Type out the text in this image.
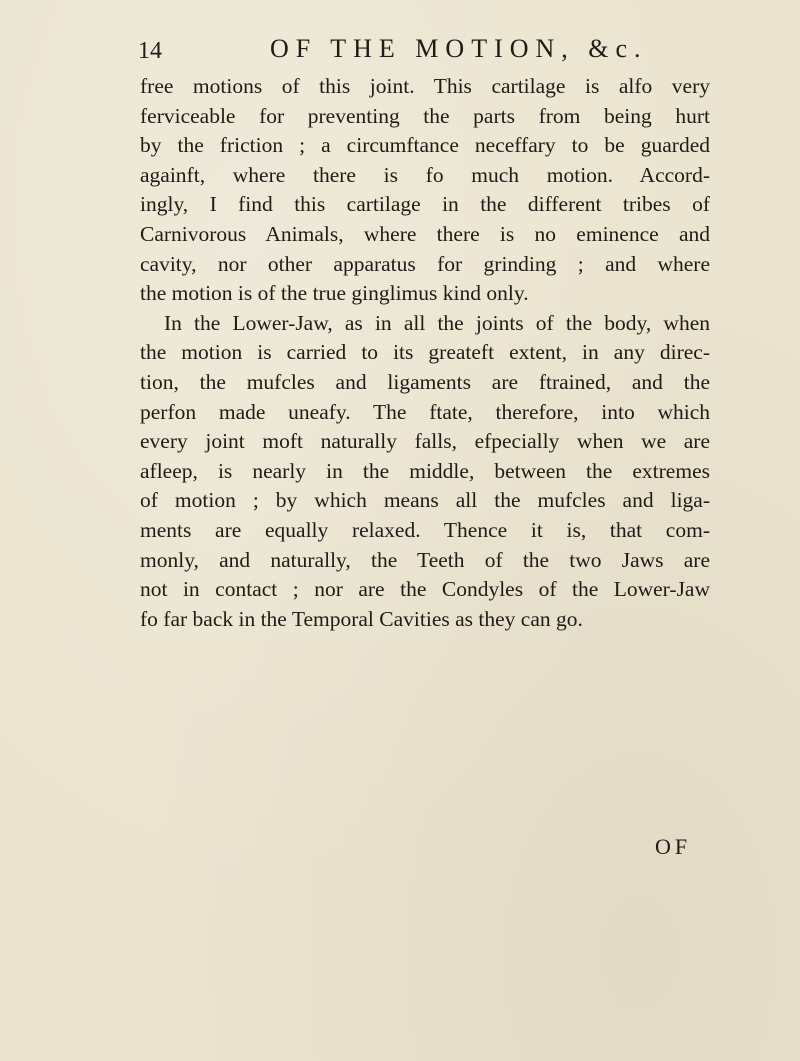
14	OF THE MOTION, &c.
free motions of this joint. This cartilage is alfo very
ferviceable for preventing the parts from being hurt
by the friction ; a circumftance neceffary to be guarded
againft, where there is fo much motion. Accord-
ingly, I find this cartilage in the different tribes of
Carnivorous Animals, where there is no eminence and
cavity, nor other apparatus for grinding ; and where
the motion is of the true ginglimus kind only.
In the Lower-Jaw, as in all the joints of the body, when
the motion is carried to its greateft extent, in any direc-
tion, the mufcles and ligaments are ftrained, and the
perfon made uneafy. The ftate, therefore, into which
every joint moft naturally falls, efpecially when we are
afleep, is nearly in the middle, between the extremes
of motion ; by which means all the mufcles and liga-
ments are equally relaxed. Thence it is, that com-
monly, and naturally, the Teeth of the two Jaws are
not in contact ; nor are the Condyles of the Lower-Jaw
fo far back in the Temporal Cavities as they can go.
OF
